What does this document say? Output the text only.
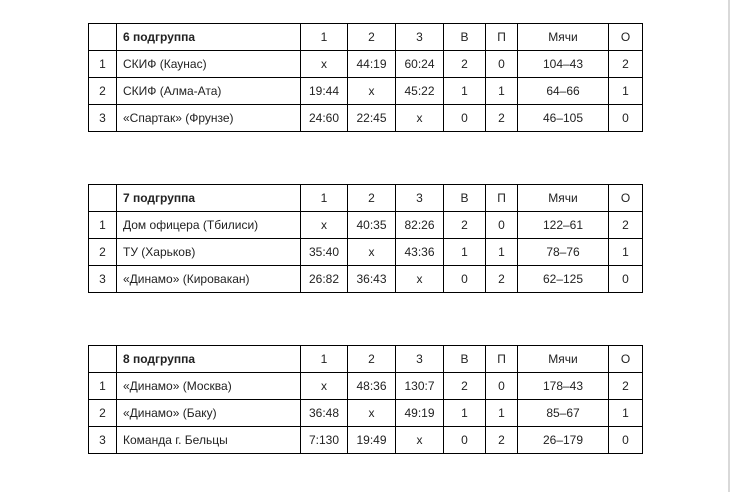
	6 подгруппа	1	2	3	В	П	Мячи	О
1	СКИФ (Каунас)	x	44:19	60:24	2	0	104–43	2
2	СКИФ (Алма-Ата)	19:44	x	45:22	1	1	64–66	1
3	«Спартак» (Фрунзе)	24:60	22:45	x	0	2	46–105	0
	7 подгруппа	1	2	3	В	П	Мячи	О
1	Дом офицера (Тбилиси)	x	40:35	82:26	2	0	122–61	2
2	ТУ (Харьков)	35:40	x	43:36	1	1	78–76	1
3	«Динамо» (Кировакан)	26:82	36:43	x	0	2	62–125	0
	8 подгруппа	1	2	3	В	П	Мячи	О
1	«Динамо» (Москва)	x	48:36	130:7	2	0	178–43	2
2	«Динамо» (Баку)	36:48	x	49:19	1	1	85–67	1
3	Команда г. Бельцы	7:130	19:49	x	0	2	26–179	0
